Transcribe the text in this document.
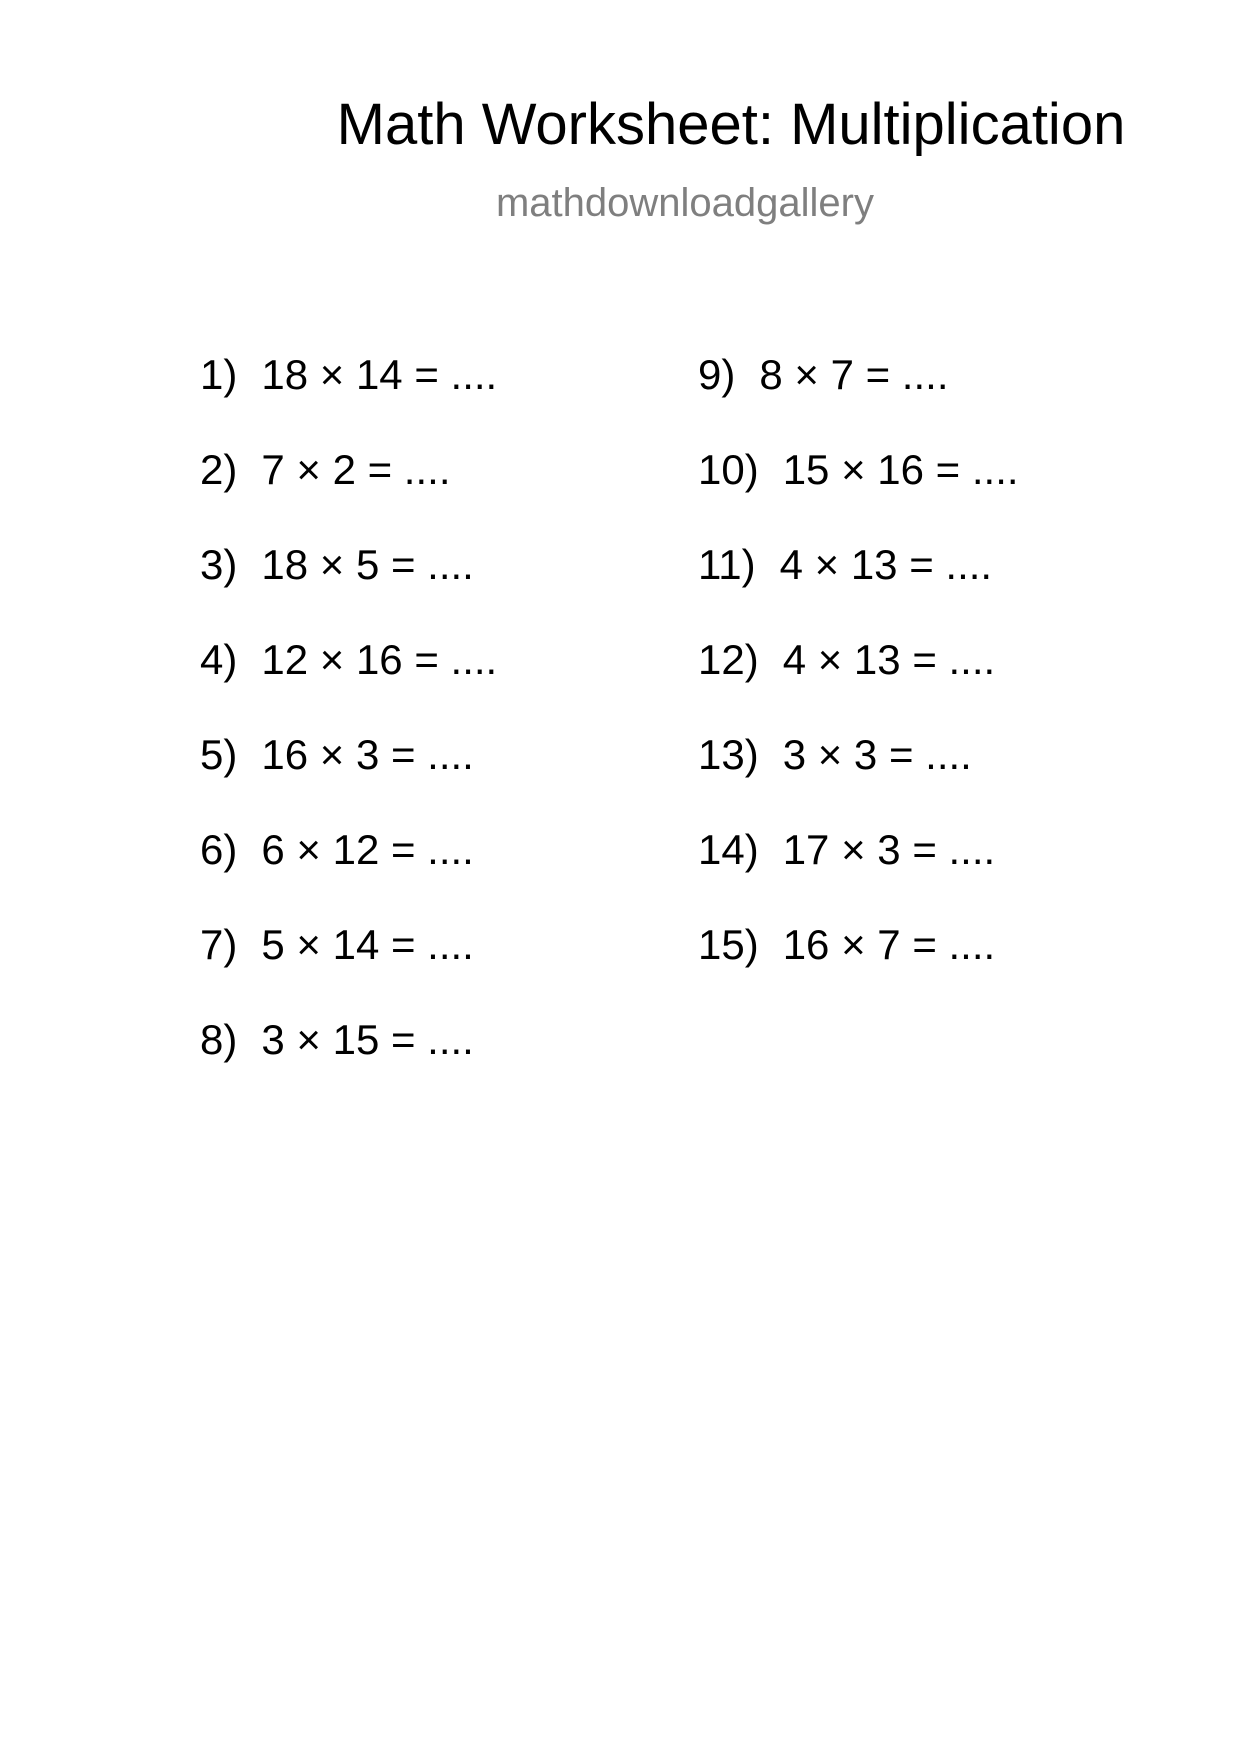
Math Worksheet: Multiplication
mathdownloadgallery
1) 18 × 14 = ....
2) 7 × 2 = ....
3) 18 × 5 = ....
4) 12 × 16 = ....
5) 16 × 3 = ....
6) 6 × 12 = ....
7) 5 × 14 = ....
8) 3 × 15 = ....
9) 8 × 7 = ....
10) 15 × 16 = ....
11) 4 × 13 = ....
12) 4 × 13 = ....
13) 3 × 3 = ....
14) 17 × 3 = ....
15) 16 × 7 = ....
